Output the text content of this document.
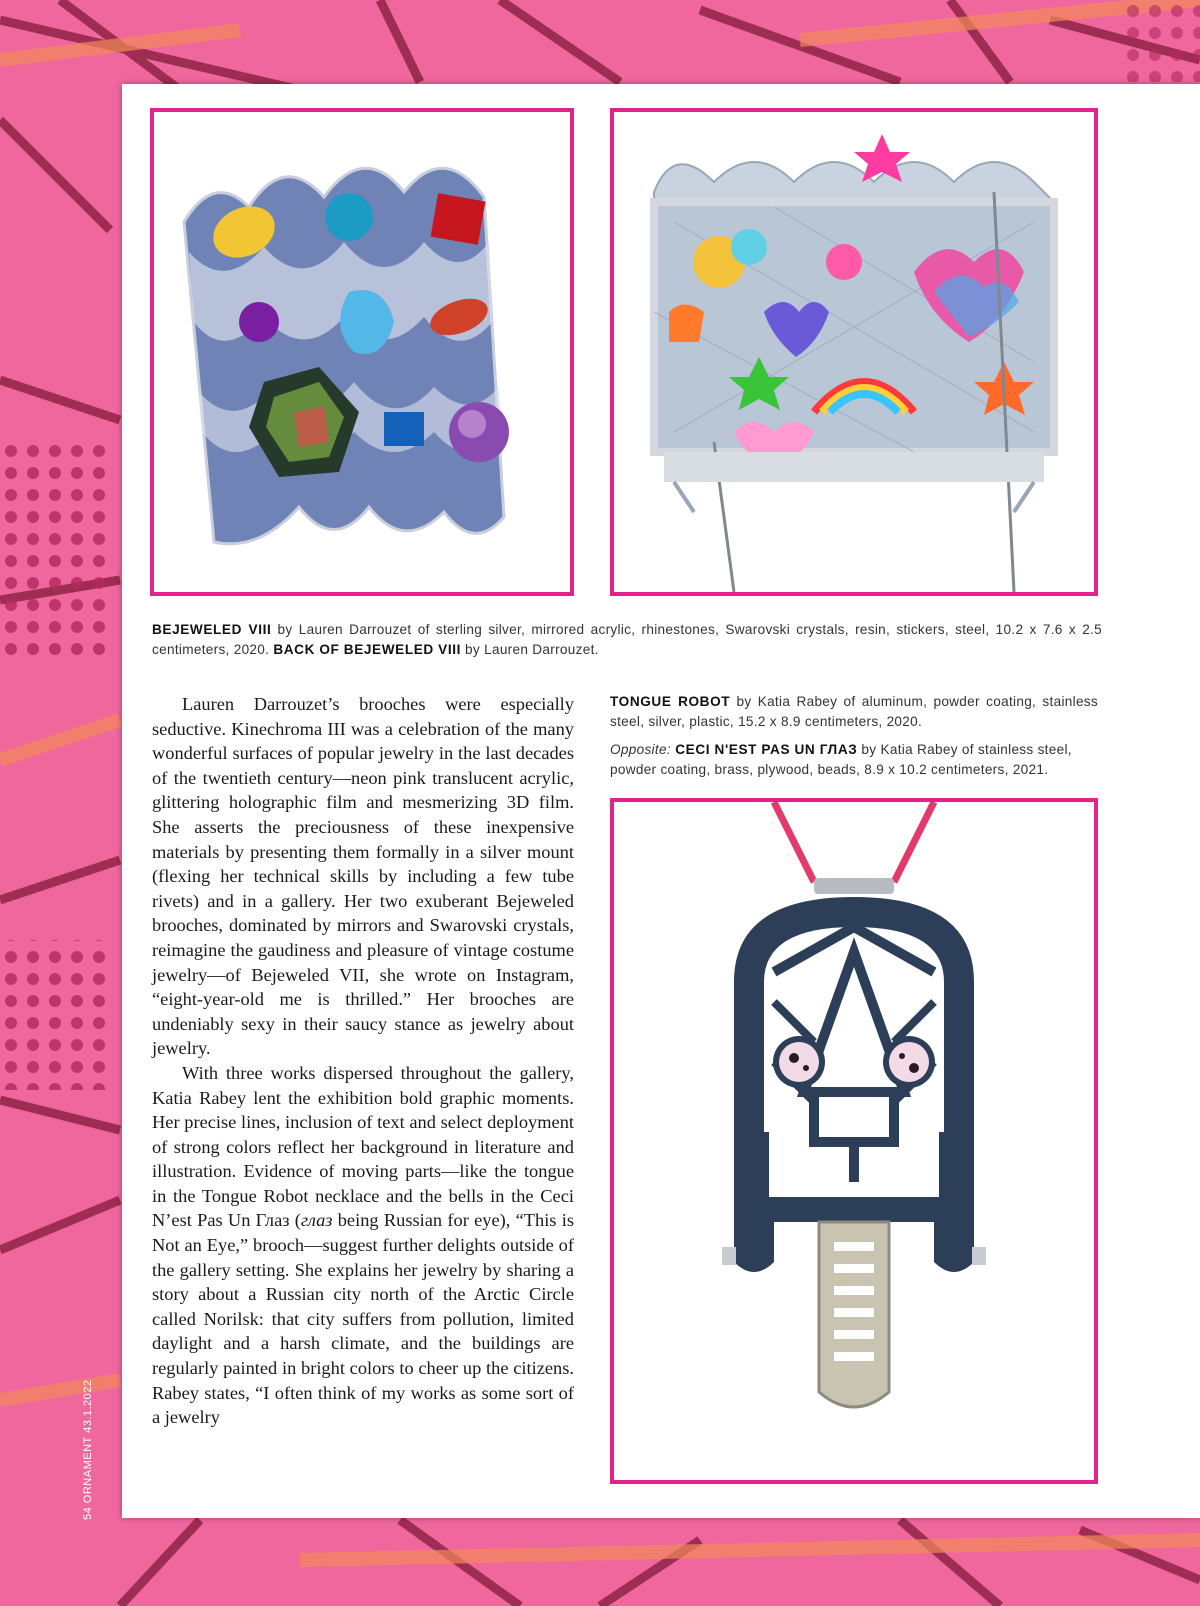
BEJEWELED VIII by Lauren Darrouzet of sterling silver, mirrored acrylic, rhinestones, Swarovski crystals, resin, stickers, steel, 10.2 x 7.6 x 2.5 centimeters, 2020. BACK OF BEJEWELED VIII by Lauren Darrouzet.
TONGUE ROBOT by Katia Rabey of aluminum, powder coating, stainless steel, silver, plastic, 15.2 x 8.9 centimeters, 2020.
Opposite: CECI N'EST PAS UN ГЛАЗ by Katia Rabey of stainless steel, powder coating, brass, plywood, beads, 8.9 x 10.2 centimeters, 2021.

Lauren Darrouzet’s brooches were especially seductive. Kinechroma III was a celebration of the many wonderful surfaces of popular jewelry in the last decades of the twentieth century—neon pink translucent acrylic, glittering holographic film and mesmerizing 3D film. She asserts the preciousness of these inexpensive materials by presenting them formally in a silver mount (flexing her technical skills by including a few tube rivets) and in a gallery. Her two exuberant Bejeweled brooches, dominated by mirrors and Swarovski crystals, reimagine the gaudiness and pleasure of vintage costume jewelry—of Bejeweled VII, she wrote on Instagram, “eight-year-old me is thrilled.” Her brooches are undeniably sexy in their saucy stance as jewelry about jewelry.

With three works dispersed throughout the gallery, Katia Rabey lent the exhibition bold graphic moments. Her precise lines, inclusion of text and select deployment of strong colors reflect her background in literature and illustration. Evidence of moving parts—like the tongue in the Tongue Robot necklace and the bells in the Ceci N’est Pas Un Глаз (глаз being Russian for eye), “This is Not an Eye,” brooch—suggest further delights outside of the gallery setting. She explains her jewelry by sharing a story about a Russian city north of the Arctic Circle called Norilsk: that city suffers from pollution, limited daylight and a harsh climate, and the buildings are regularly painted in bright colors to cheer up the citizens. Rabey states, “I often think of my works as some sort of a jewelry

54 ORNAMENT 43.1.2022
